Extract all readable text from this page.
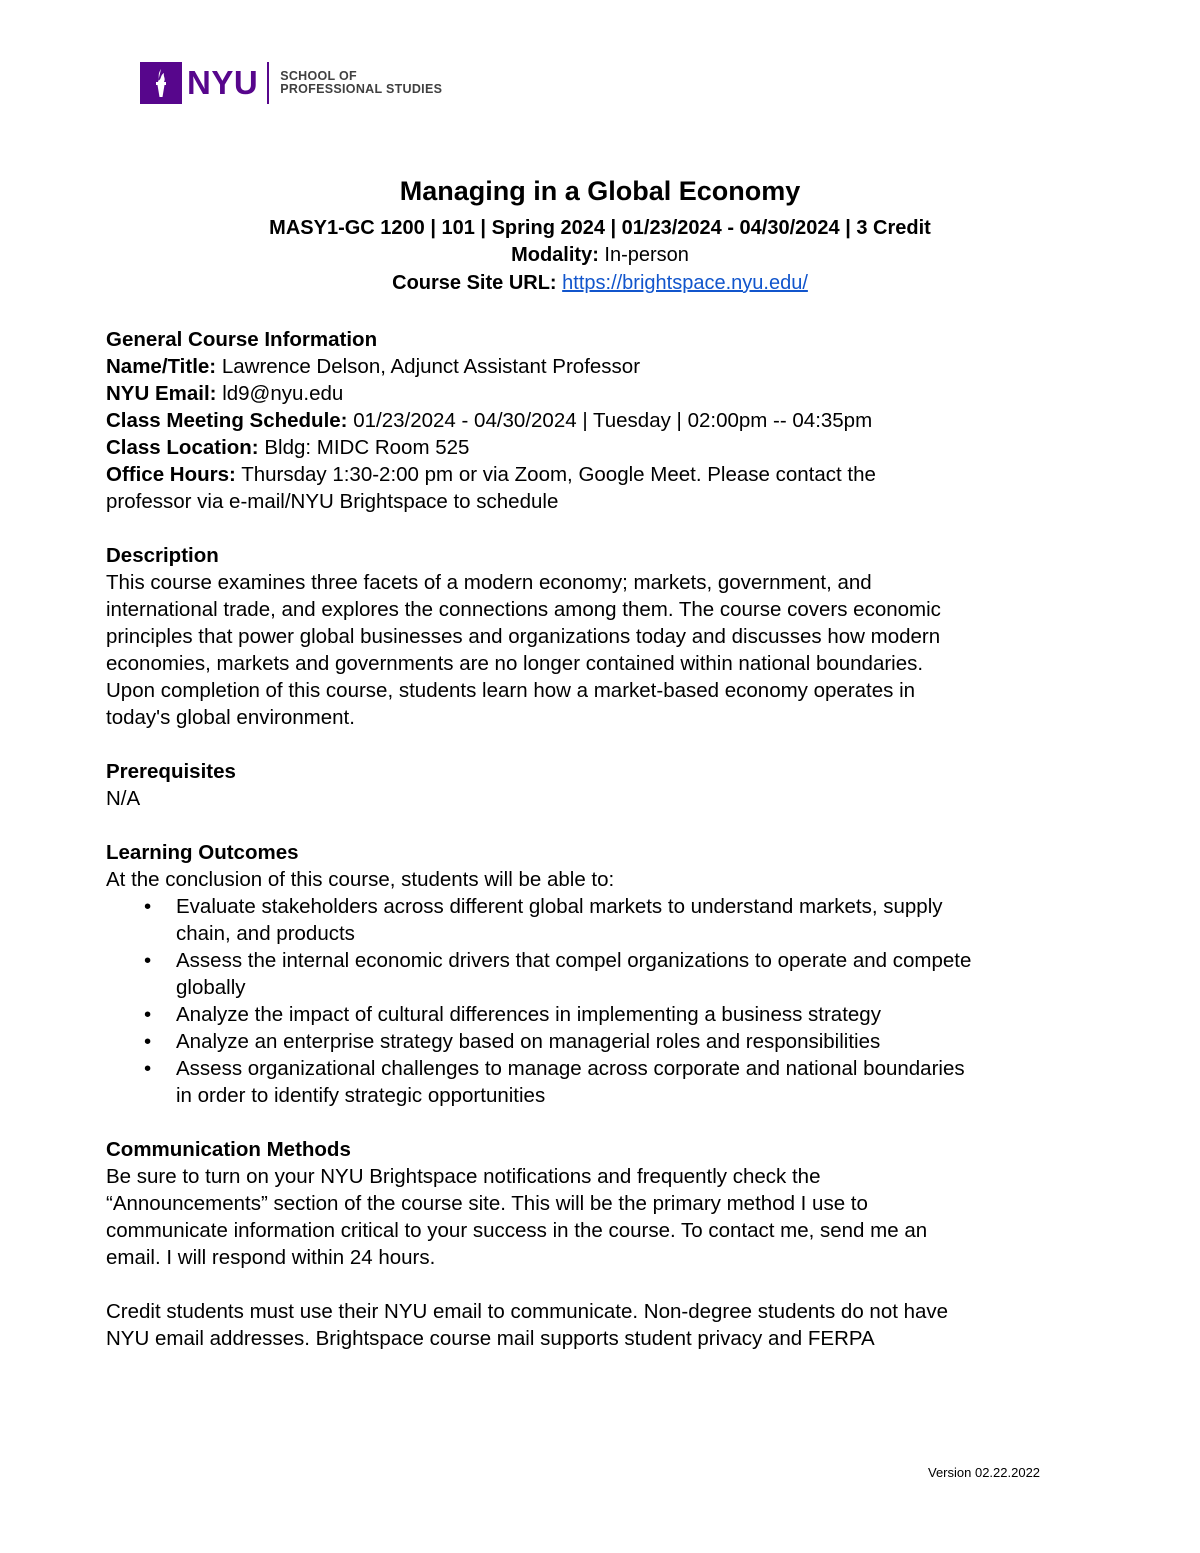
NYU SCHOOL OF
PROFESSIONAL STUDIES
Managing in a Global Economy
MASY1-GC 1200 | 101 | Spring 2024 | 01/23/2024 - 04/30/2024 | 3 Credit
Modality: In-person
Course Site URL: https://brightspace.nyu.edu/
General Course Information

Name/Title: Lawrence Delson, Adjunct Assistant Professor

NYU Email: ld9@nyu.edu

Class Meeting Schedule: 01/23/2024 - 04/30/2024 | Tuesday | 02:00pm -- 04:35pm

Class Location: Bldg: MIDC Room 525

Office Hours: Thursday 1:30-2:00 pm or via Zoom, Google Meet. Please contact the

professor via e-mail/NYU Brightspace to schedule

Description

This course examines three facets of a modern economy; markets, government, and

international trade, and explores the connections among them. The course covers economic

principles that power global businesses and organizations today and discusses how modern

economies, markets and governments are no longer contained within national boundaries.

Upon completion of this course, students learn how a market-based economy operates in

today's global environment.

Prerequisites

N/A

Learning Outcomes

At the conclusion of this course, students will be able to:

• Evaluate stakeholders across different global markets to understand markets, supply
chain, and products
• Assess the internal economic drivers that compel organizations to operate and compete
globally
• Analyze the impact of cultural differences in implementing a business strategy
• Analyze an enterprise strategy based on managerial roles and responsibilities
• Assess organizational challenges to manage across corporate and national boundaries
in order to identify strategic opportunities
Communication Methods

Be sure to turn on your NYU Brightspace notifications and frequently check the

“Announcements” section of the course site. This will be the primary method I use to

communicate information critical to your success in the course. To contact me, send me an

email. I will respond within 24 hours.

Credit students must use their NYU email to communicate. Non-degree students do not have

NYU email addresses. Brightspace course mail supports student privacy and FERPA

Version 02.22.2022
